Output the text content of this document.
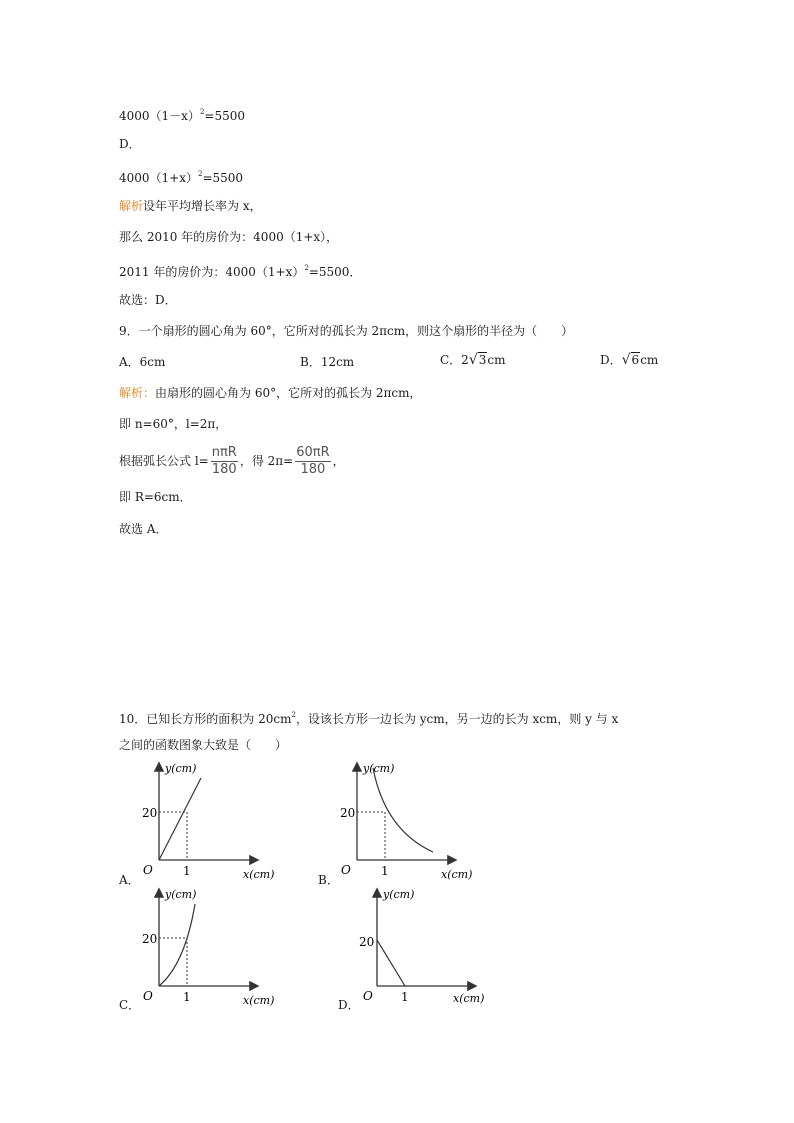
$4000(1-x)^2=5500$
D．
$4000(1+x)^2=5500$
解析设年平均增长率为 x，
那么 2010 年的房价为：4000（1+x），
2011 年的房价为：$4000(1+x)^2=5500$．
故选：D．
9．一个扇形的圆心角为 60°，它所对的孤长为 2πcm，则这个扇形的半径为（　　）
A．6cm	B．12cm	C．2√3cm	D．√6cm
解析：由扇形的圆心角为 60°，它所对的孤长为 2πcm，
即 n=60°，l=2π，
根据弧长公式 $l= \frac{\text{nπR}}{180}$ ，得 $2\pi= \frac{60\pi R}{180}$ ，
即 R=6cm．
故选 A．
10．已知长方形的面积为 $20cm^2$，设该长方形一边长为 ycm，另一边的长为 xcm，则 y 与 x
之间的函数图象大致是（　　）
A．
y(cm)
x(cm)
O
20
1
B．
y(cm)
x(cm)
O
20
1
C．
y(cm)
x(cm)
O
20
1
D．
y(cm)
x(cm)
O
20
1
